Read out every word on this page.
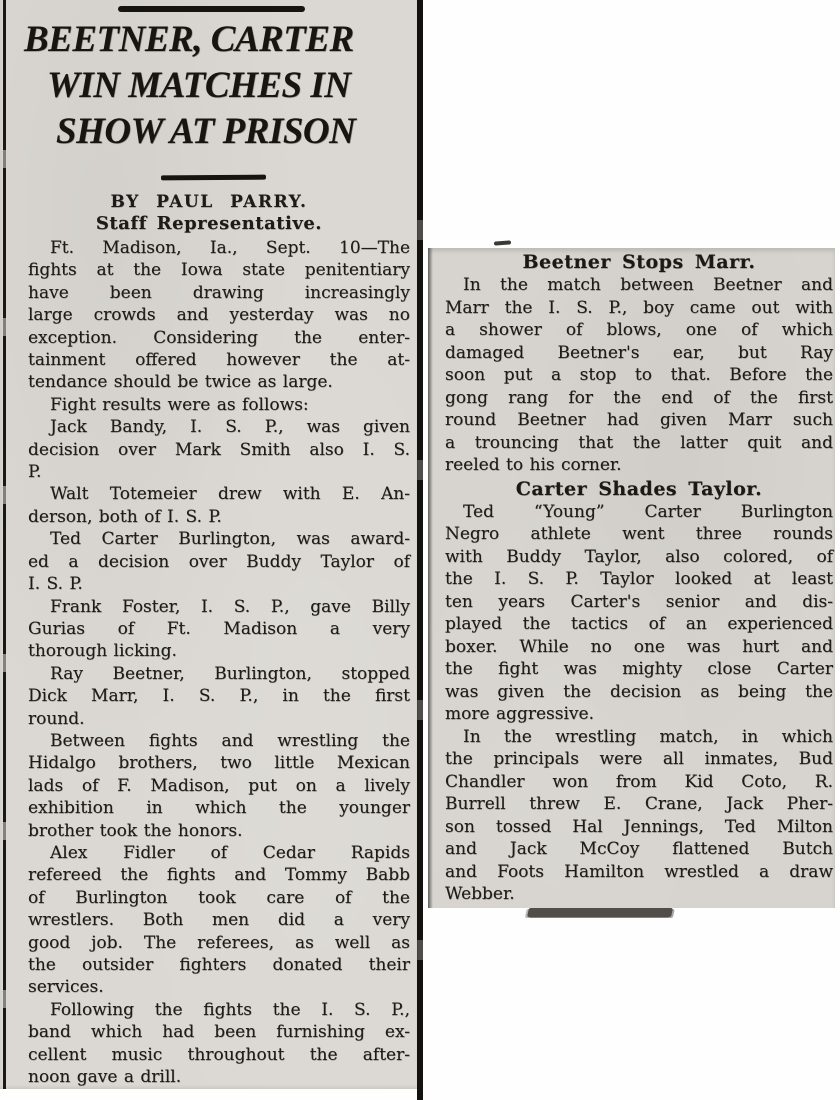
BEETNER, CARTER
WIN MATCHES IN
SHOW AT PRISON
BY PAUL PARRY.
Staff Representative.
Ft. Madison, Ia., Sept. 10—The
fights at the Iowa state penitentiary
have been drawing increasingly
large crowds and yesterday was no
exception. Considering the enter-
tainment offered however the at-
tendance should be twice as large.
Fight results were as follows:
Jack Bandy, I. S. P., was given
decision over Mark Smith also I. S.
P.
Walt Totemeier drew with E. An-
derson, both of I. S. P.
Ted Carter Burlington, was award-
ed a decision over Buddy Taylor of
I. S. P.
Frank Foster, I. S. P., gave Billy
Gurias of Ft. Madison a very
thorough licking.
Ray Beetner, Burlington, stopped
Dick Marr, I. S. P., in the first
round.
Between fights and wrestling the
Hidalgo brothers, two little Mexican
lads of F. Madison, put on a lively
exhibition in which the younger
brother took the honors.
Alex Fidler of Cedar Rapids
refereed the fights and Tommy Babb
of Burlington took care of the
wrestlers. Both men did a very
good job. The referees, as well as
the outsider fighters donated their
services.
Following the fights the I. S. P.,
band which had been furnishing ex-
cellent music throughout the after-
noon gave a drill.
Beetner Stops Marr.
In the match between Beetner and
Marr the I. S. P., boy came out with
a shower of blows, one of which
damaged Beetner's ear, but Ray
soon put a stop to that. Before the
gong rang for the end of the first
round Beetner had given Marr such
a trouncing that the latter quit and
reeled to his corner.
Carter Shades Taylor.
Ted “Young” Carter Burlington
Negro athlete went three rounds
with Buddy Taylor, also colored, of
the I. S. P. Taylor looked at least
ten years Carter's senior and dis-
played the tactics of an experienced
boxer. While no one was hurt and
the fight was mighty close Carter
was given the decision as being the
more aggressive.
In the wrestling match, in which
the principals were all inmates, Bud
Chandler won from Kid Coto, R.
Burrell threw E. Crane, Jack Pher-
son tossed Hal Jennings, Ted Milton
and Jack McCoy flattened Butch
and Foots Hamilton wrestled a draw
Webber.
